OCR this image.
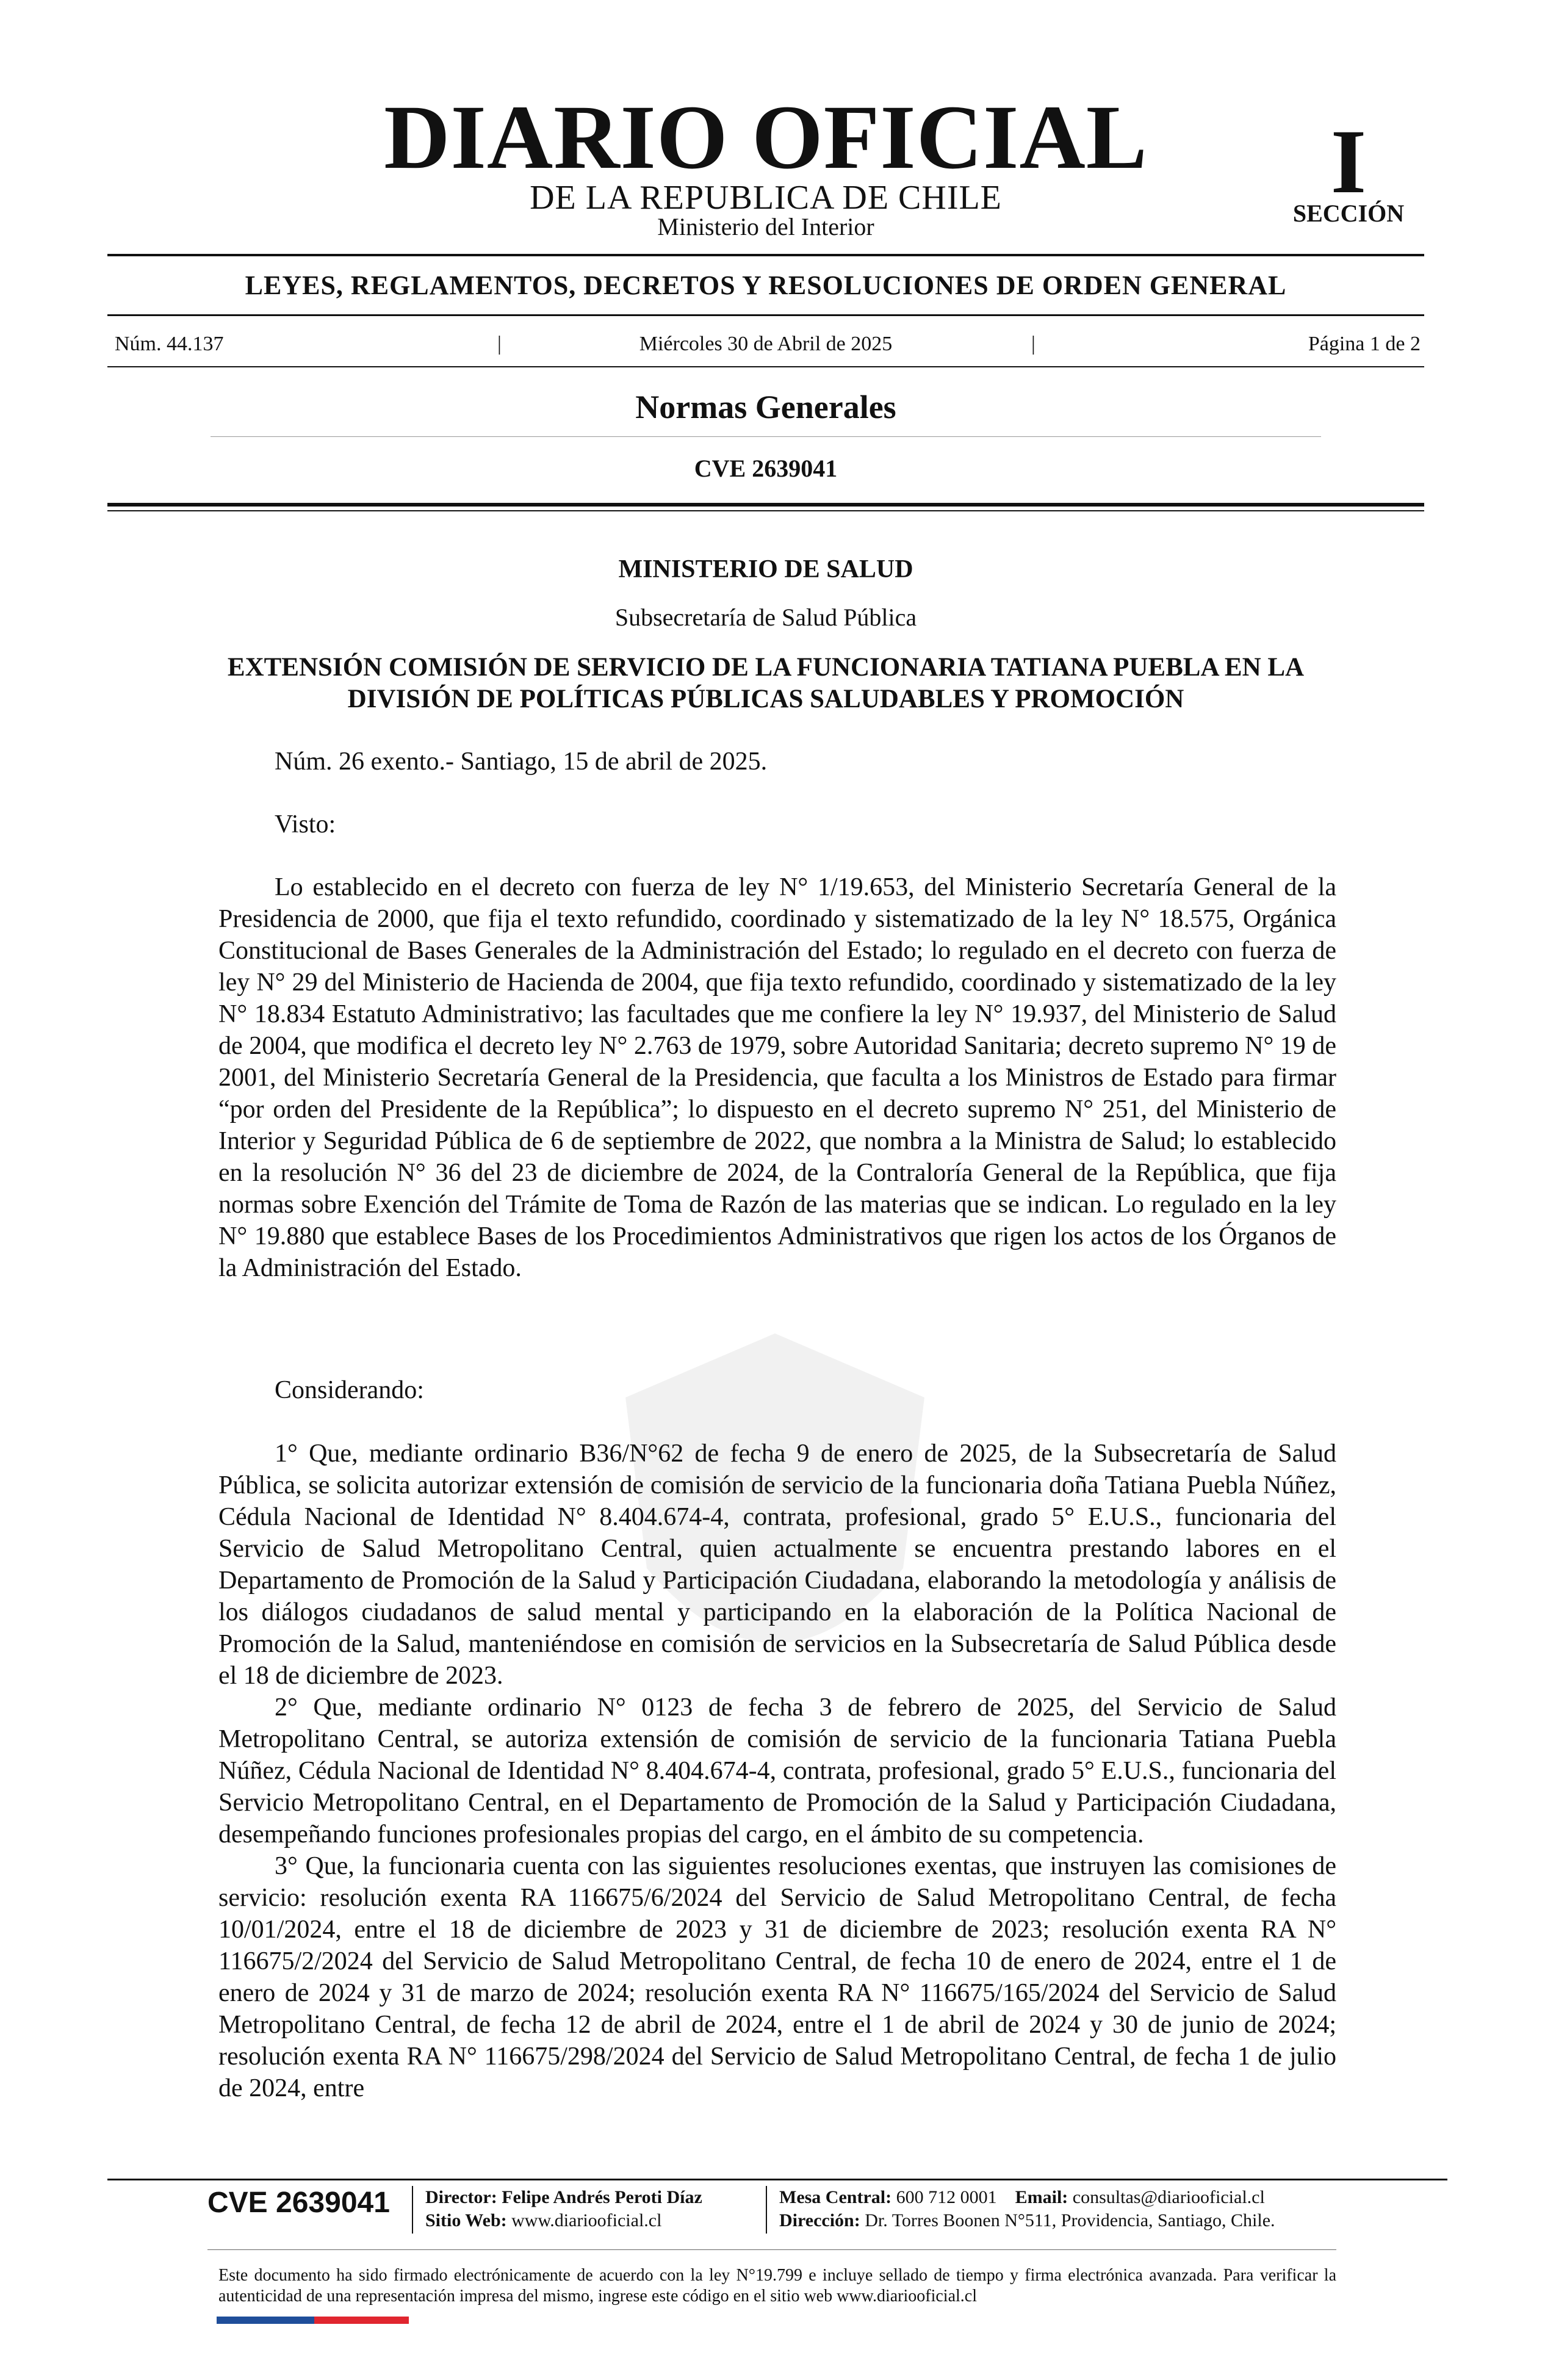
DIARIO OFICIAL
DE LA REPUBLICA DE CHILE
Ministerio del Interior
I
SECCIÓN
LEYES, REGLAMENTOS, DECRETOS Y RESOLUCIONES DE ORDEN GENERAL
Núm. 44.137	|	Miércoles 30 de Abril de 2025	|	Página 1 de 2
Normas Generales
CVE 2639041
MINISTERIO DE SALUD
Subsecretaría de Salud Pública
EXTENSIÓN COMISIÓN DE SERVICIO DE LA FUNCIONARIA TATIANA PUEBLA EN LA DIVISIÓN DE POLÍTICAS PÚBLICAS SALUDABLES Y PROMOCIÓN
Núm. 26 exento.- Santiago, 15 de abril de 2025.
Visto:

Lo establecido en el decreto con fuerza de ley N° 1/19.653, del Ministerio Secretaría General de la Presidencia de 2000, que fija el texto refundido, coordinado y sistematizado de la ley N° 18.575, Orgánica Constitucional de Bases Generales de la Administración del Estado; lo regulado en el decreto con fuerza de ley N° 29 del Ministerio de Hacienda de 2004, que fija texto refundido, coordinado y sistematizado de la ley N° 18.834 Estatuto Administrativo; las facultades que me confiere la ley N° 19.937, del Ministerio de Salud de 2004, que modifica el decreto ley N° 2.763 de 1979, sobre Autoridad Sanitaria; decreto supremo N° 19 de 2001, del Ministerio Secretaría General de la Presidencia, que faculta a los Ministros de Estado para firmar “por orden del Presidente de la República”; lo dispuesto en el decreto supremo N° 251, del Ministerio de Interior y Seguridad Pública de 6 de septiembre de 2022, que nombra a la Ministra de Salud; lo establecido en la resolución N° 36 del 23 de diciembre de 2024, de la Contraloría General de la República, que fija normas sobre Exención del Trámite de Toma de Razón de las materias que se indican. Lo regulado en la ley N° 19.880 que establece Bases de los Procedimientos Administrativos que rigen los actos de los Órganos de la Administración del Estado.

Considerando:

1° Que, mediante ordinario B36/N°62 de fecha 9 de enero de 2025, de la Subsecretaría de Salud Pública, se solicita autorizar extensión de comisión de servicio de la funcionaria doña Tatiana Puebla Núñez, Cédula Nacional de Identidad N° 8.404.674-4, contrata, profesional, grado 5° E.U.S., funcionaria del Servicio de Salud Metropolitano Central, quien actualmente se encuentra prestando labores en el Departamento de Promoción de la Salud y Participación Ciudadana, elaborando la metodología y análisis de los diálogos ciudadanos de salud mental y participando en la elaboración de la Política Nacional de Promoción de la Salud, manteniéndose en comisión de servicios en la Subsecretaría de Salud Pública desde el 18 de diciembre de 2023.

2° Que, mediante ordinario N° 0123 de fecha 3 de febrero de 2025, del Servicio de Salud Metropolitano Central, se autoriza extensión de comisión de servicio de la funcionaria Tatiana Puebla Núñez, Cédula Nacional de Identidad N° 8.404.674-4, contrata, profesional, grado 5° E.U.S., funcionaria del Servicio Metropolitano Central, en el Departamento de Promoción de la Salud y Participación Ciudadana, desempeñando funciones profesionales propias del cargo, en el ámbito de su competencia.

3° Que, la funcionaria cuenta con las siguientes resoluciones exentas, que instruyen las comisiones de servicio: resolución exenta RA 116675/6/2024 del Servicio de Salud Metropolitano Central, de fecha 10/01/2024, entre el 18 de diciembre de 2023 y 31 de diciembre de 2023; resolución exenta RA N° 116675/2/2024 del Servicio de Salud Metropolitano Central, de fecha 10 de enero de 2024, entre el 1 de enero de 2024 y 31 de marzo de 2024; resolución exenta RA N° 116675/165/2024 del Servicio de Salud Metropolitano Central, de fecha 12 de abril de 2024, entre el 1 de abril de 2024 y 30 de junio de 2024; resolución exenta RA N° 116675/298/2024 del Servicio de Salud Metropolitano Central, de fecha 1 de julio de 2024, entre

CVE 2639041 Director: Felipe Andrés Peroti Díaz
Sitio Web: www.diariooficial.cl
Mesa Central: 600 712 0001 Email: consultas@diariooficial.cl
Dirección: Dr. Torres Boonen N°511, Providencia, Santiago, Chile.
Este documento ha sido firmado electrónicamente de acuerdo con la ley N°19.799 e incluye sellado de tiempo y firma electrónica avanzada. Para verificar la autenticidad de una representación impresa del mismo, ingrese este código en el sitio web www.diariooficial.cl
